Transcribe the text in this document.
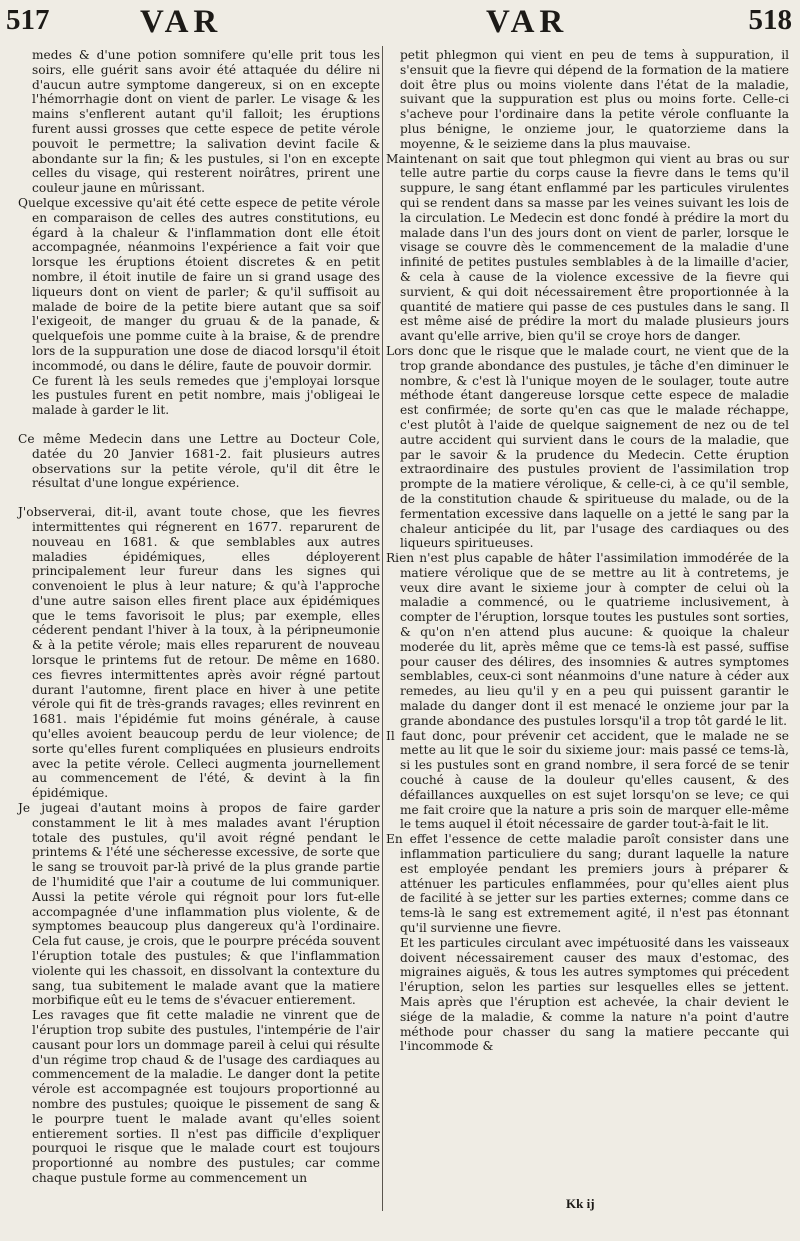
517	VAR	VAR	518

medes & d'une potion somnifere qu'elle prit tous les soirs, elle guérit sans avoir été attaquée du délire ni d'aucun autre symptome dangereux, si on en excepte l'hémorrhagie dont on vient de parler. Le visage & les mains s'enflerent autant qu'il falloit; les éruptions furent aussi grosses que cette espece de petite vérole pouvoit le permettre; la salivation devint facile & abondante sur la fin; & les pustules, si l'on en excepte celles du visage, qui resterent noirâtres, prirent une couleur jaune en mûrissant.

Quelque excessive qu'ait été cette espece de petite vérole en comparaison de celles des autres constitutions, eu égard à la chaleur & l'inflammation dont elle étoit accompagnée, néanmoins l'expérience a fait voir que lorsque les éruptions étoient discretes & en petit nombre, il étoit inutile de faire un si grand usage des liqueurs dont on vient de parler; & qu'il suffisoit au malade de boire de la petite biere autant que sa soif l'exigeoit, de manger du gruau & de la panade, & quelquefois une pomme cuite à la braise, & de prendre lors de la suppuration une dose de diacod lorsqu'il étoit incommodé, ou dans le délire, faute de pouvoir dormir.

Ce furent là les seuls remedes que j'employai lorsque les pustules furent en petit nombre, mais j'obligeai le malade à garder le lit.

Ce même Medecin dans une Lettre au Docteur Cole, datée du 20 Janvier 1681-2. fait plusieurs autres observations sur la petite vérole, qu'il dit être le résultat d'une longue expérience.

J'observerai, dit-il, avant toute chose, que les fievres intermittentes qui régnerent en 1677. reparurent de nouveau en 1681. & que semblables aux autres maladies épidémiques, elles déployerent principalement leur fureur dans les signes qui convenoient le plus à leur nature; & qu'à l'approche d'une autre saison elles firent place aux épidémiques que le tems favorisoit le plus; par exemple, elles céderent pendant l'hiver à la toux, à la péripneumonie & à la petite vérole; mais elles reparurent de nouveau lorsque le printems fut de retour. De même en 1680. ces fievres intermittentes après avoir régné partout durant l'automne, firent place en hiver à une petite vérole qui fit de très-grands ravages; elles revinrent en 1681. mais l'épidémie fut moins générale, à cause qu'elles avoient beaucoup perdu de leur violence; de sorte qu'elles furent compliquées en plusieurs endroits avec la petite vérole. Celleci augmenta journellement au commencement de l'été, & devint à la fin épidémique.

Je jugeai d'autant moins à propos de faire garder constamment le lit à mes malades avant l'éruption totale des pustules, qu'il avoit régné pendant le printems & l'été une sécheresse excessive, de sorte que le sang se trouvoit par-là privé de la plus grande partie de l'humidité que l'air a coutume de lui communiquer. Aussi la petite vérole qui régnoit pour lors fut-elle accompagnée d'une inflammation plus violente, & de symptomes beaucoup plus dangereux qu'à l'ordinaire. Cela fut cause, je crois, que le pourpre précéda souvent l'éruption totale des pustules; & que l'inflammation violente qui les chassoit, en dissolvant la contexture du sang, tua subitement le malade avant que la matiere morbifique eût eu le tems de s'évacuer entierement.

Les ravages que fit cette maladie ne vinrent que de l'éruption trop subite des pustules, l'intempérie de l'air causant pour lors un dommage pareil à celui qui résulte d'un régime trop chaud & de l'usage des cardiaques au commencement de la maladie. Le danger dont la petite vérole est accompagnée est toujours proportionné au nombre des pustules; quoique le pissement de sang & le pourpre tuent le malade avant qu'elles soient entierement sorties. Il n'est pas difficile d'expliquer pourquoi le risque que le malade court est toujours proportionné au nombre des pustules; car comme chaque pustule forme au commencement un

petit phlegmon qui vient en peu de tems à suppuration, il s'ensuit que la fievre qui dépend de la formation de la matiere doit être plus ou moins violente dans l'état de la maladie, suivant que la suppuration est plus ou moins forte. Celle-ci s'acheve pour l'ordinaire dans la petite vérole confluante la plus bénigne, le onzieme jour, le quatorzieme dans la moyenne, & le seizieme dans la plus mauvaise.

Maintenant on sait que tout phlegmon qui vient au bras ou sur telle autre partie du corps cause la fievre dans le tems qu'il suppure, le sang étant enflammé par les particules virulentes qui se rendent dans sa masse par les veines suivant les lois de la circulation. Le Medecin est donc fondé à prédire la mort du malade dans l'un des jours dont on vient de parler, lorsque le visage se couvre dès le commencement de la maladie d'une infinité de petites pustules semblables à de la limaille d'acier, & cela à cause de la violence excessive de la fievre qui survient, & qui doit nécessairement être proportionnée à la quantité de matiere qui passe de ces pustules dans le sang. Il est même aisé de prédire la mort du malade plusieurs jours avant qu'elle arrive, bien qu'il se croye hors de danger.

Lors donc que le risque que le malade court, ne vient que de la trop grande abondance des pustules, je tâche d'en diminuer le nombre, & c'est là l'unique moyen de le soulager, toute autre méthode étant dangereuse lorsque cette espece de maladie est confirmée; de sorte qu'en cas que le malade réchappe, c'est plutôt à l'aide de quelque saignement de nez ou de tel autre accident qui survient dans le cours de la maladie, que par le savoir & la prudence du Medecin. Cette éruption extraordinaire des pustules provient de l'assimilation trop prompte de la matiere vérolique, & celle-ci, à ce qu'il semble, de la constitution chaude & spiritueuse du malade, ou de la fermentation excessive dans laquelle on a jetté le sang par la chaleur anticipée du lit, par l'usage des cardiaques ou des liqueurs spiritueuses.

Rien n'est plus capable de hâter l'assimilation immodérée de la matiere vérolique que de se mettre au lit à contretems, je veux dire avant le sixieme jour à compter de celui où la maladie a commencé, ou le quatrieme inclusivement, à compter de l'éruption, lorsque toutes les pustules sont sorties, & qu'on n'en attend plus aucune: & quoique la chaleur moderée du lit, après même que ce tems-là est passé, suffise pour causer des délires, des insomnies & autres symptomes semblables, ceux-ci sont néanmoins d'une nature à céder aux remedes, au lieu qu'il y en a peu qui puissent garantir le malade du danger dont il est menacé le onzieme jour par la grande abondance des pustules lorsqu'il a trop tôt gardé le lit.

Il faut donc, pour prévenir cet accident, que le malade ne se mette au lit que le soir du sixieme jour: mais passé ce tems-là, si les pustules sont en grand nombre, il sera forcé de se tenir couché à cause de la douleur qu'elles causent, & des défaillances auxquelles on est sujet lorsqu'on se leve; ce qui me fait croire que la nature a pris soin de marquer elle-même le tems auquel il étoit nécessaire de garder tout-à-fait le lit.

En effet l'essence de cette maladie paroît consister dans une inflammation particuliere du sang; durant laquelle la nature est employée pendant les premiers jours à préparer & atténuer les particules enflammées, pour qu'elles aient plus de facilité à se jetter sur les parties externes; comme dans ce tems-là le sang est extremement agité, il n'est pas étonnant qu'il survienne une fievre.

Et les particules circulant avec impétuosité dans les vaisseaux doivent nécessairement causer des maux d'estomac, des migraines aiguës, & tous les autres symptomes qui précedent l'éruption, selon les parties sur lesquelles elles se jettent. Mais après que l'éruption est achevée, la chair devient le siége de la maladie, & comme la nature n'a point d'autre méthode pour chasser du sang la matiere peccante qui l'incommode &

Kk ij
